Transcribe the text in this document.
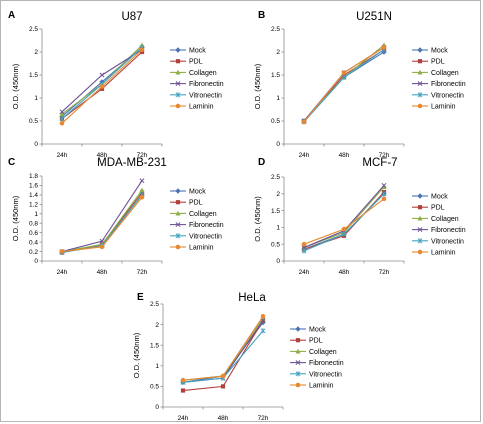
A	U87
0
0.5
1
1.5
2
2.5
24h	48h	72h
O.D. (450nm)
Mock
PDL
Collagen
Fibronectin
Vitronectin
Laminin
B	U251N
0
0.5
1
1.5
2
2.5
24h	48h	72h
O.D. (450nm)
Mock
PDL
Collagen
Fibronectin
Vitronectin
Laminin
C	MDA-MB-231
0
0.2
0.4
0.6
0.8
1
1.2
1.4
1.6
1.8
24h	48h	72h
O.D. (450nm)
Mock
PDL
Collagen
Fibronectin
Vitronectin
Laminin
D	MCF-7
0
0.5
1
1.5
2
2.5
24h	48h	72h
O.D. (450nm)	Mock
PDL
Collagen
Fibronectin
Vitronectin
Laminin
E	HeLa
0
0.5
1
1.5
2
2.5
24h	48h	72h
O.D. (450nm)
Mock
PDL
Collagen
Fibronectin
Vitronectin
Laminin
